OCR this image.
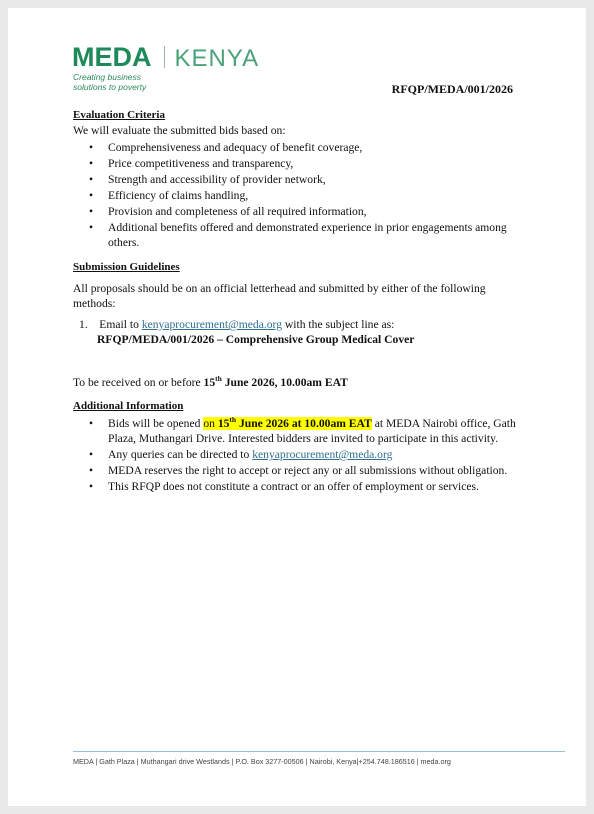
MEDA KENYA
Creating business
solutions to poverty	RFQP/MEDA/001/2026
Evaluation Criteria

We will evaluate the submitted bids based on:

• Comprehensiveness and adequacy of benefit coverage,
• Price competitiveness and transparency,
• Strength and accessibility of provider network,
• Efficiency of claims handling,
• Provision and completeness of all required information,
• Additional benefits offered and demonstrated experience in prior engagements among others.
Submission Guidelines

All proposals should be on an official letterhead and submitted by either of the following methods:

1. Email to kenyaprocurement@meda.org with the subject line as:
RFQP/MEDA/001/2026 – Comprehensive Group Medical Cover

To be received on or before 15th June 2026, 10.00am EAT

Additional Information
• Bids will be opened on 15th June 2026 at 10.00am EAT at MEDA Nairobi office, Gath Plaza, Muthangari Drive. Interested bidders are invited to participate in this activity.
• Any queries can be directed to kenyaprocurement@meda.org
• MEDA reserves the right to accept or reject any or all submissions without obligation.
• This RFQP does not constitute a contract or an offer of employment or services.
MEDA | Gath Plaza | Muthangari drive Westlands | P.O. Box 3277-00506 | Nairobi, Kenya|+254.748.186516 | meda.org
